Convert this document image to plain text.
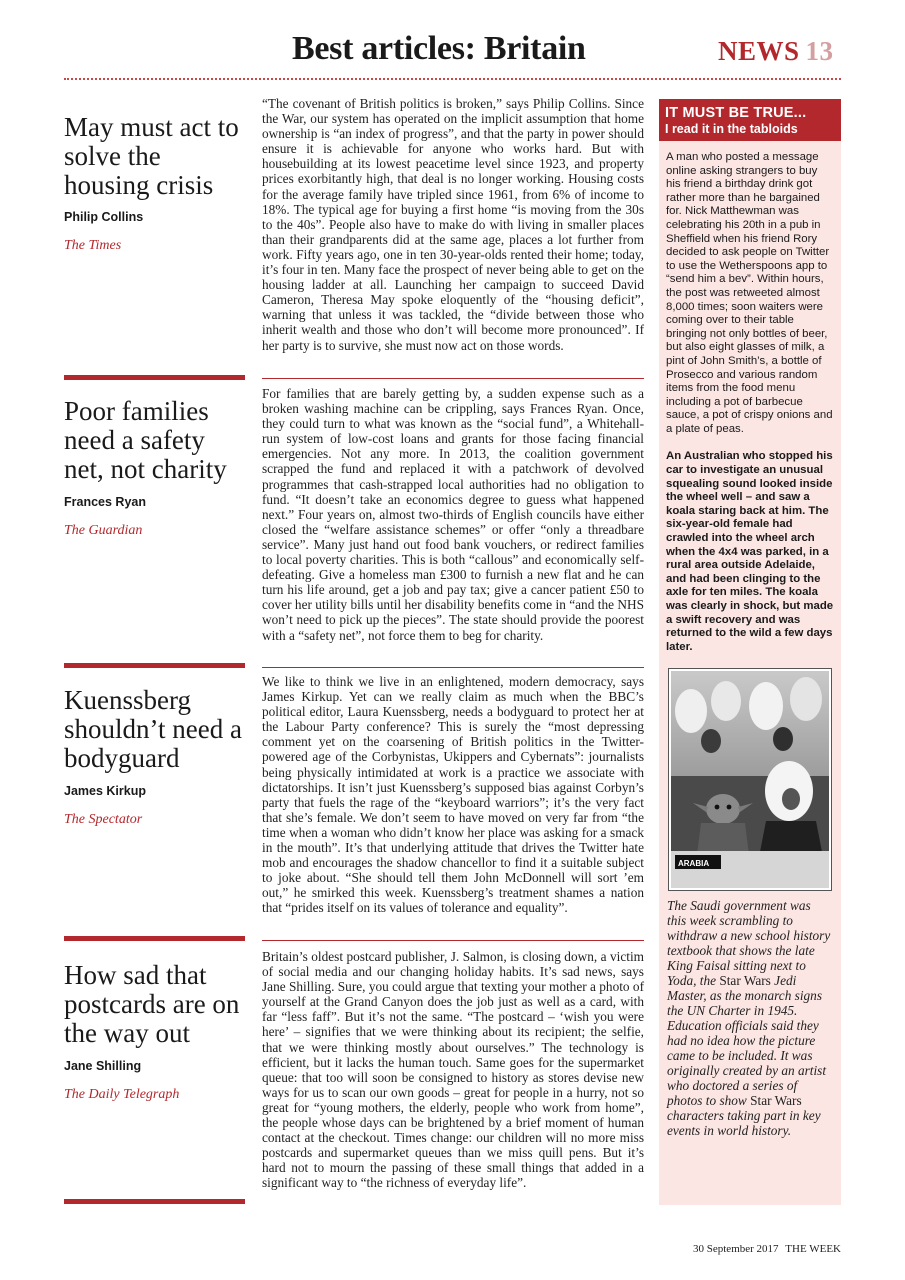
Best articles: Britain	NEWS 13
May must act to solve the housing crisis
Philip Collins
The Times
“The covenant of British politics is broken,” says Philip Collins. Since the War, our system has operated on the implicit assumption that home ownership is “an index of progress”, and that the party in power should ensure it is achievable for anyone who works hard. But with housebuilding at its lowest peacetime level since 1923, and property prices exorbitantly high, that deal is no longer working. Housing costs for the average family have tripled since 1961, from 6% of income to 18%. The typical age for buying a first home “is moving from the 30s to the 40s”. People also have to make do with living in smaller places than their grandparents did at the same age, places a lot further from work. Fifty years ago, one in ten 30-year-olds rented their home; today, it’s four in ten. Many face the prospect of never being able to get on the housing ladder at all. Launching her campaign to succeed David Cameron, Theresa May spoke eloquently of the “housing deficit”, warning that unless it was tackled, the “divide between those who inherit wealth and those who don’t will become more pronounced”. If her party is to survive, she must now act on those words.
Poor families need a safety net, not charity
Frances Ryan
The Guardian
For families that are barely getting by, a sudden expense such as a broken washing machine can be crippling, says Frances Ryan. Once, they could turn to what was known as the “social fund”, a Whitehall-run system of low-cost loans and grants for those facing financial emergencies. Not any more. In 2013, the coalition government scrapped the fund and replaced it with a patchwork of devolved programmes that cash-strapped local authorities had no obligation to fund. “It doesn’t take an economics degree to guess what happened next.” Four years on, almost two-thirds of English councils have either closed the “welfare assistance schemes” or offer “only a threadbare service”. Many just hand out food bank vouchers, or redirect families to local poverty charities. This is both “callous” and economically self-defeating. Give a homeless man £300 to furnish a new flat and he can turn his life around, get a job and pay tax; give a cancer patient £50 to cover her utility bills until her disability benefits come in “and the NHS won’t need to pick up the pieces”. The state should provide the poorest with a “safety net”, not force them to beg for charity.
Kuenssberg shouldn’t need a bodyguard
James Kirkup
The Spectator
We like to think we live in an enlightened, modern democracy, says James Kirkup. Yet can we really claim as much when the BBC’s political editor, Laura Kuenssberg, needs a bodyguard to protect her at the Labour Party conference? This is surely the “most depressing comment yet on the coarsening of British politics in the Twitter-powered age of the Corbynistas, Ukippers and Cybernats”: journalists being physically intimidated at work is a practice we associate with dictatorships. It isn’t just Kuenssberg’s supposed bias against Corbyn’s party that fuels the rage of the “keyboard warriors”; it’s the very fact that she’s female. We don’t seem to have moved on very far from “the time when a woman who didn’t know her place was asking for a smack in the mouth”. It’s that underlying attitude that drives the Twitter hate mob and encourages the shadow chancellor to find it a suitable subject to joke about. “She should tell them John McDonnell will sort ’em out,” he smirked this week. Kuenssberg’s treatment shames a nation that “prides itself on its values of tolerance and equality”.
How sad that postcards are on the way out
Jane Shilling
The Daily Telegraph
Britain’s oldest postcard publisher, J. Salmon, is closing down, a victim of social media and our changing holiday habits. It’s sad news, says Jane Shilling. Sure, you could argue that texting your mother a photo of yourself at the Grand Canyon does the job just as well as a card, with far “less faff”. But it’s not the same. “The postcard – ‘wish you were here’ – signifies that we were thinking about its recipient; the selfie, that we were thinking mostly about ourselves.” The technology is efficient, but it lacks the human touch. Same goes for the supermarket queue: that too will soon be consigned to history as stores devise new ways for us to scan our own goods – great for people in a hurry, not so great for “young mothers, the elderly, people who work from home”, the people whose days can be brightened by a brief moment of human contact at the checkout. Times change: our children will no more miss postcards and supermarket queues than we miss quill pens. But it’s hard not to mourn the passing of these small things that added in a significant way to “the richness of everyday life”.
IT MUST BE TRUE...
I read it in the tabloids
A man who posted a message online asking strangers to buy his friend a birthday drink got rather more than he bargained for. Nick Matthewman was celebrating his 20th in a pub in Sheffield when his friend Rory decided to ask people on Twitter to use the Wetherspoons app to “send him a bev”. Within hours, the post was retweeted almost 8,000 times; soon waiters were coming over to their table bringing not only bottles of beer, but also eight glasses of milk, a pint of John Smith’s, a bottle of Prosecco and various random items from the food menu including a pot of barbecue sauce, a pot of crispy onions and a plate of peas.
An Australian who stopped his car to investigate an unusual squealing sound looked inside the wheel well – and saw a koala staring back at him. The six-year-old female had crawled into the wheel arch when the 4x4 was parked, in a rural area outside Adelaide, and had been clinging to the axle for ten miles. The koala was clearly in shock, but made a swift recovery and was returned to the wild a few days later.
ARABIA
The Saudi government was this week scrambling to withdraw a new school history textbook that shows the late King Faisal sitting next to Yoda, the Star Wars Jedi Master, as the monarch signs the UN Charter in 1945. Education officials said they had no idea how the picture came to be included. It was originally created by an artist who doctored a series of photos to show Star Wars characters taking part in key events in world history.
30 September 2017 THE WEEK
